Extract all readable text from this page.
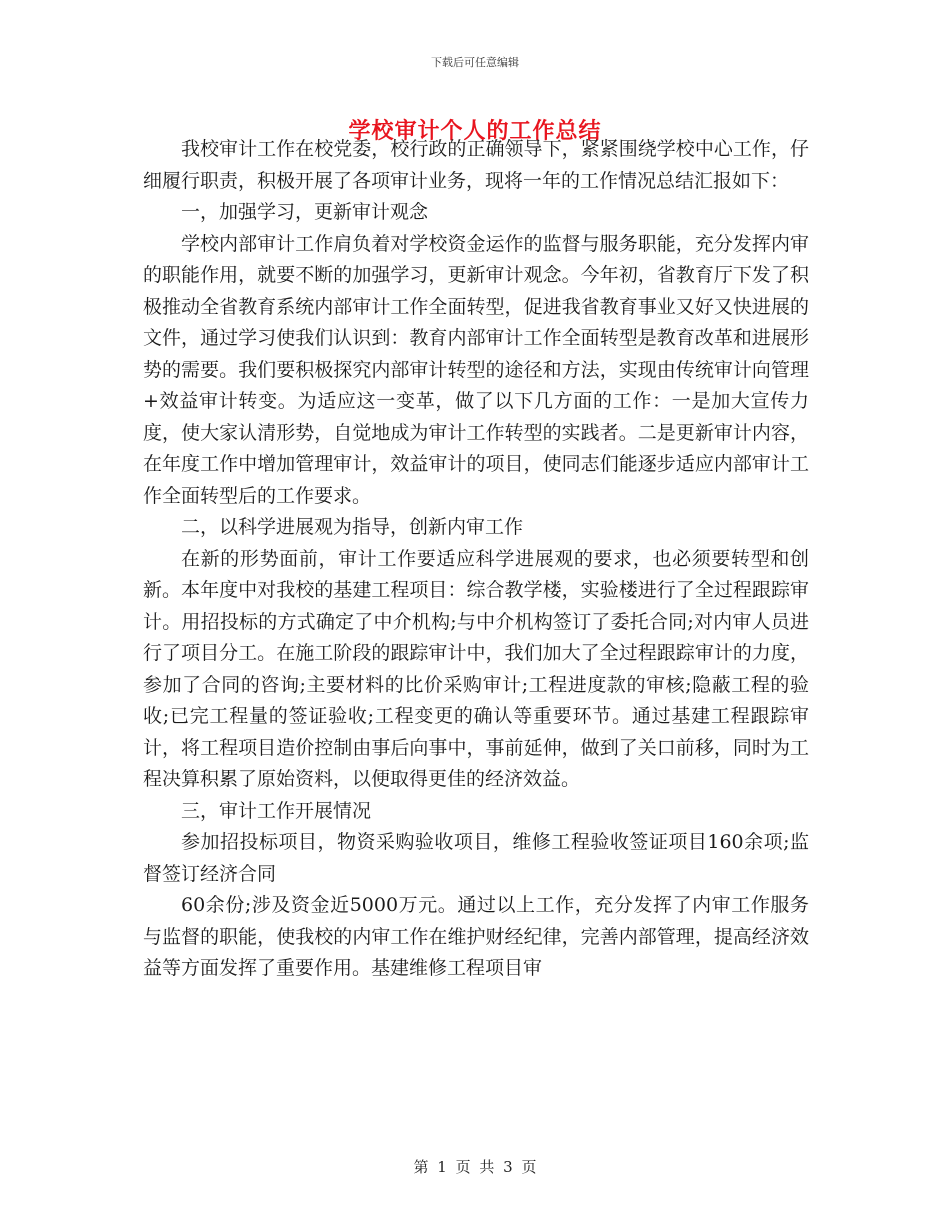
下载后可任意编辑
学校审计个人的工作总结

我校审计工作在校党委，校行政的正确领导下，紧紧围绕学校中心工作，仔细履行职责，积极开展了各项审计业务，现将一年的工作情况总结汇报如下：

一，加强学习，更新审计观念

学校内部审计工作肩负着对学校资金运作的监督与服务职能，充分发挥内审的职能作用，就要不断的加强学习，更新审计观念。今年初，省教育厅下发了积极推动全省教育系统内部审计工作全面转型，促进我省教育事业又好又快进展的文件，通过学习使我们认识到：教育内部审计工作全面转型是教育改革和进展形势的需要。我们要积极探究内部审计转型的途径和方法，实现由传统审计向管理+效益审计转变。为适应这一变革，做了以下几方面的工作：一是加大宣传力度，使大家认清形势，自觉地成为审计工作转型的实践者。二是更新审计内容，在年度工作中增加管理审计，效益审计的项目，使同志们能逐步适应内部审计工作全面转型后的工作要求。

二，以科学进展观为指导，创新内审工作

在新的形势面前，审计工作要适应科学进展观的要求，也必须要转型和创新。本年度中对我校的基建工程项目：综合教学楼，实验楼进行了全过程跟踪审计。用招投标的方式确定了中介机构;与中介机构签订了委托合同;对内审人员进行了项目分工。在施工阶段的跟踪审计中，我们加大了全过程跟踪审计的力度，参加了合同的咨询;主要材料的比价采购审计;工程进度款的审核;隐蔽工程的验收;已完工程量的签证验收;工程变更的确认等重要环节。通过基建工程跟踪审计，将工程项目造价控制由事后向事中，事前延伸，做到了关口前移，同时为工程决算积累了原始资料，以便取得更佳的经济效益。

三，审计工作开展情况

参加招投标项目，物资采购验收项目，维修工程验收签证项目160余项;监督签订经济合同

60余份;涉及资金近5000万元。通过以上工作，充分发挥了内审工作服务与监督的职能，使我校的内审工作在维护财经纪律，完善内部管理，提高经济效益等方面发挥了重要作用。基建维修工程项目审

第 1 页 共 3 页
